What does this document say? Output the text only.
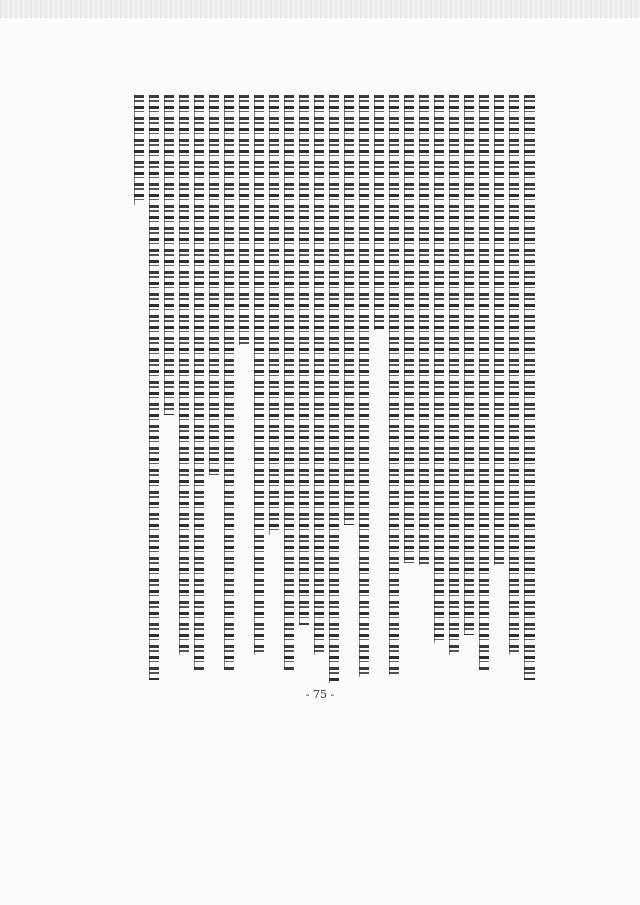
- 75 -
